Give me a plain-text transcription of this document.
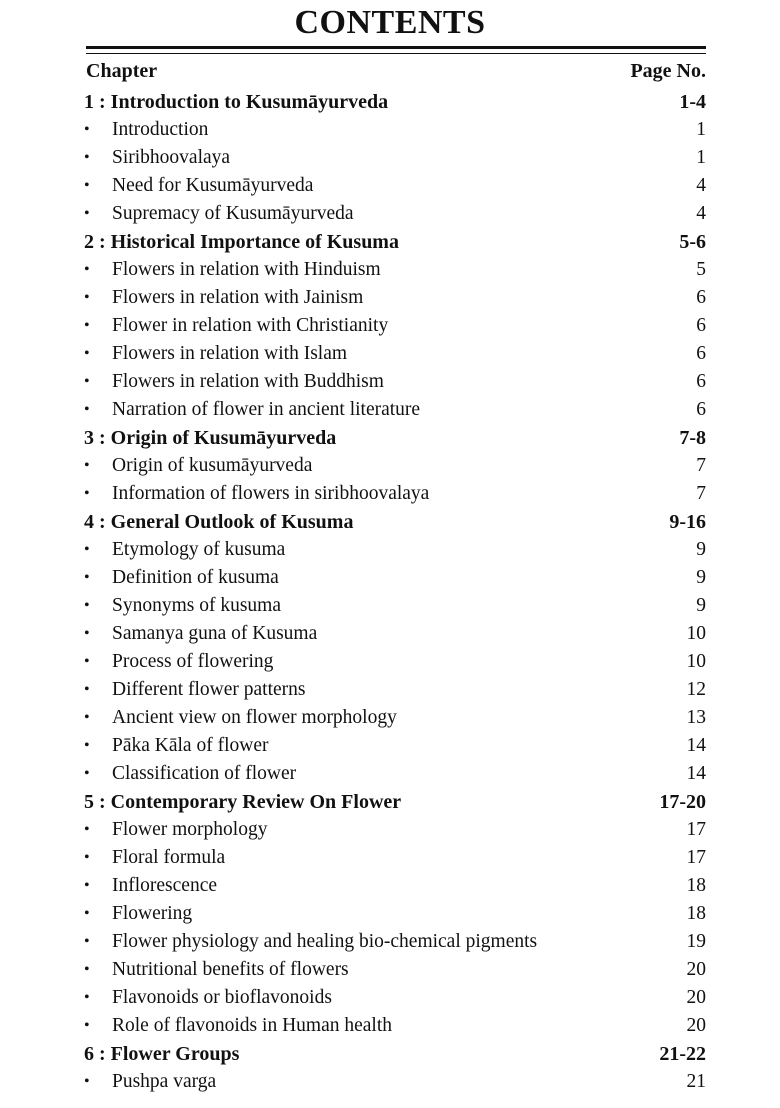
CONTENTS
Chapter	Page No.
1 : Introduction to Kusumāyurveda	1-4
•	Introduction	1
•	Siribhoovalaya	1
•	Need for Kusumāyurveda	4
•	Supremacy of Kusumāyurveda	4
2 : Historical Importance of Kusuma	5-6
•	Flowers in relation with Hinduism	5
•	Flowers in relation with Jainism	6
•	Flower in relation with Christianity	6
•	Flowers in relation with Islam	6
•	Flowers in relation with Buddhism	6
•	Narration of flower in ancient literature	6
3 : Origin of Kusumāyurveda	7-8
•	Origin of kusumāyurveda	7
•	Information of flowers in siribhoovalaya	7
4 : General Outlook of Kusuma	9-16
•	Etymology of kusuma	9
•	Definition of kusuma	9
•	Synonyms of kusuma	9
•	Samanya guna of Kusuma	10
•	Process of flowering	10
•	Different flower patterns	12
•	Ancient view on flower morphology	13
•	Pāka Kāla of flower	14
•	Classification of flower	14
5 : Contemporary Review On Flower	17-20
•	Flower morphology	17
•	Floral formula	17
•	Inflorescence	18
•	Flowering	18
•	Flower physiology and healing bio-chemical pigments	19
•	Nutritional benefits of flowers	20
•	Flavonoids or bioflavonoids	20
•	Role of flavonoids in Human health	20
6 : Flower Groups	21-22
•	Pushpa varga	21
